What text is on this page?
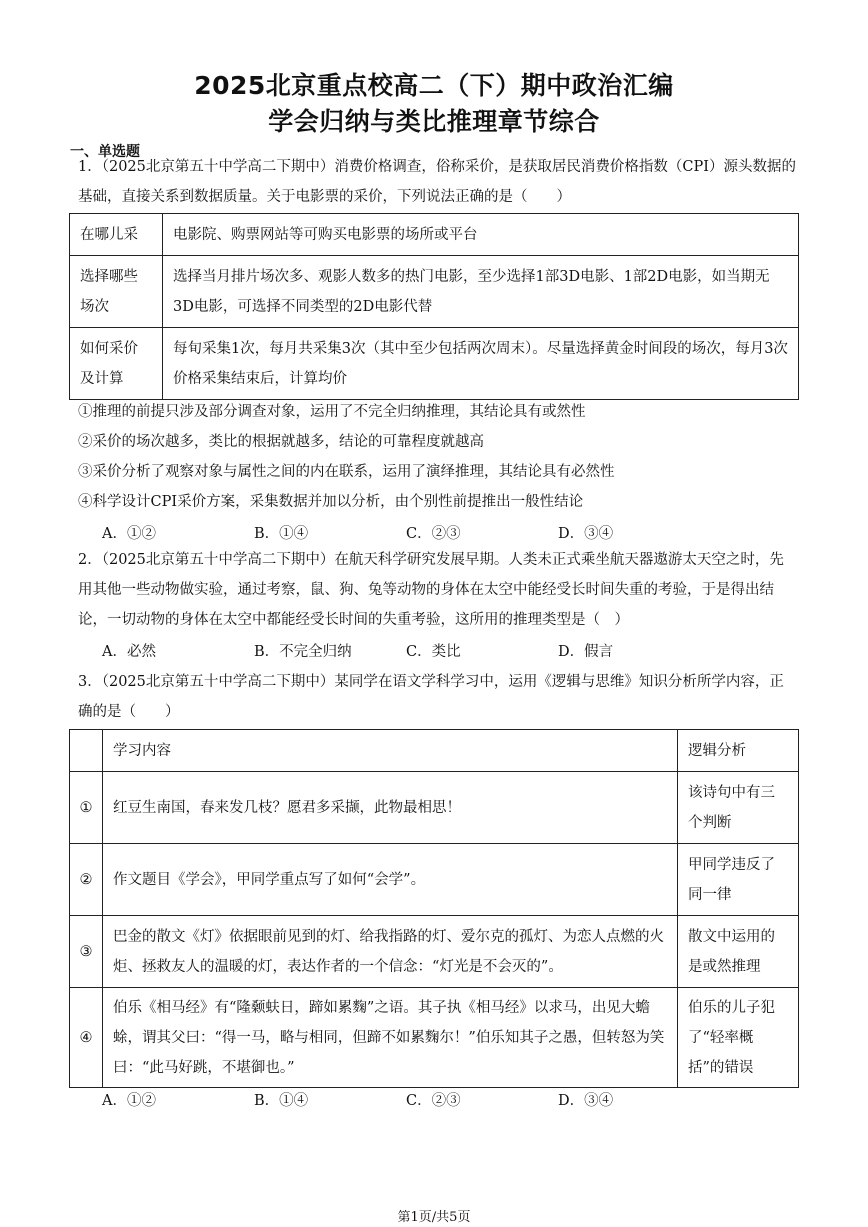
2025北京重点校高二（下）期中政治汇编
学会归纳与类比推理章节综合
一、单选题
1．（2025北京第五十中学高二下期中）消费价格调查，俗称采价，是获取居民消费价格指数（CPI）源头数据的基础，直接关系到数据质量。关于电影票的采价，下列说法正确的是（　　）
在哪儿采	电影院、购票网站等可购买电影票的场所或平台
选择哪些场次	选择当月排片场次多、观影人数多的热门电影，至少选择1部3D电影、1部2D电影，如当期无3D电影，可选择不同类型的2D电影代替
如何采价及计算	每旬采集1次，每月共采集3次（其中至少包括两次周末）。尽量选择黄金时间段的场次，每月3次价格采集结束后，计算均价
①推理的前提只涉及部分调查对象，运用了不完全归纳推理，其结论具有或然性
②采价的场次越多，类比的根据就越多，结论的可靠程度就越高
③采价分析了观察对象与属性之间的内在联系，运用了演绎推理，其结论具有必然性
④科学设计CPI采价方案，采集数据并加以分析，由个别性前提推出一般性结论
A．①②	B．①④	C．②③	D．③④
2．（2025北京第五十中学高二下期中）在航天科学研究发展早期。人类未正式乘坐航天器遨游太天空之时，先用其他一些动物做实验，通过考察，鼠、狗、兔等动物的身体在太空中能经受长时间失重的考验，于是得出结论，一切动物的身体在太空中都能经受长时间的失重考验，这所用的推理类型是（　）
A．必然	B．不完全归纳	C．类比	D．假言
3．（2025北京第五十中学高二下期中）某同学在语文学科学习中，运用《逻辑与思维》知识分析所学内容，正确的是（　　）
	学习内容	逻辑分析
①	红豆生南国，春来发几枝？愿君多采撷，此物最相思！	该诗句中有三个判断
②	作文题目《学会》，甲同学重点写了如何“会学”。	甲同学违反了同一律
③	巴金的散文《灯》依据眼前见到的灯、给我指路的灯、爱尔克的孤灯、为恋人点燃的火炬、拯救友人的温暖的灯，表达作者的一个信念：“灯光是不会灭的”。	散文中运用的是或然推理
④	伯乐《相马经》有“隆颡蚨日，蹄如累麴”之语。其子执《相马经》以求马，出见大蟾蜍，谓其父曰：“得一马，略与相同，但蹄不如累麴尔！”伯乐知其子之愚，但转怒为笑曰：“此马好跳，不堪御也。”	伯乐的儿子犯了“轻率概括”的错误
A．①②	B．①④	C．②③	D．③④
第1页/共5页
